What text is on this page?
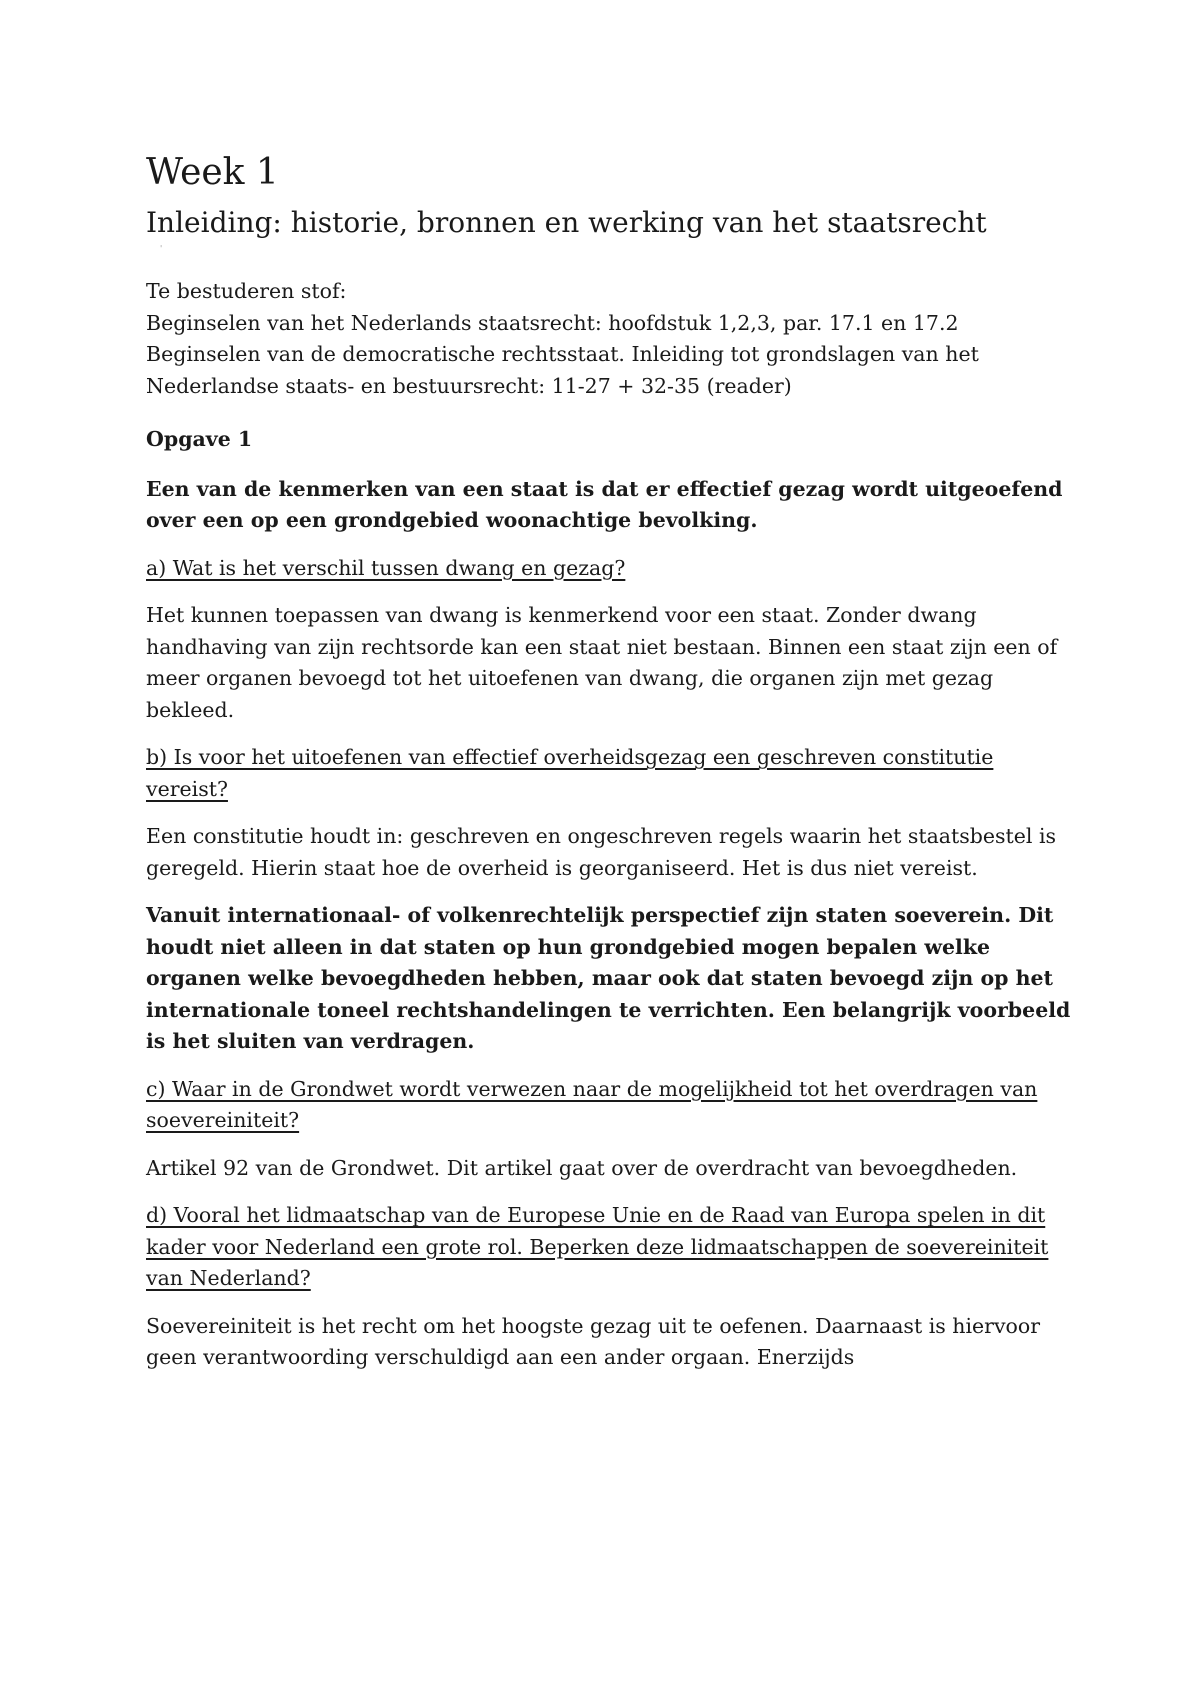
Week 1
Inleiding: historie, bronnen en werking van het staatsrecht
'

Te bestuderen stof:

Beginselen van het Nederlands staatsrecht: hoofdstuk 1,2,3, par. 17.1 en 17.2

Beginselen van de democratische rechtsstaat. Inleiding tot grondslagen van het

Nederlandse staats- en bestuursrecht: 11-27 + 32-35 (reader)

Opgave 1

Een van de kenmerken van een staat is dat er effectief gezag wordt uitgeoefend over een op een grondgebied woonachtige bevolking.

a) Wat is het verschil tussen dwang en gezag?

Het kunnen toepassen van dwang is kenmerkend voor een staat. Zonder dwang handhaving van zijn rechtsorde kan een staat niet bestaan. Binnen een staat zijn een of meer organen bevoegd tot het uitoefenen van dwang, die organen zijn met gezag bekleed.

b) Is voor het uitoefenen van effectief overheidsgezag een geschreven constitutie vereist?

Een constitutie houdt in: geschreven en ongeschreven regels waarin het staatsbestel is geregeld. Hierin staat hoe de overheid is georganiseerd. Het is dus niet vereist.

Vanuit internationaal- of volkenrechtelijk perspectief zijn staten soeverein. Dit houdt niet alleen in dat staten op hun grondgebied mogen bepalen welke organen welke bevoegdheden hebben, maar ook dat staten bevoegd zijn op het internationale toneel rechtshandelingen te verrichten. Een belangrijk voorbeeld is het sluiten van verdragen.

c) Waar in de Grondwet wordt verwezen naar de mogelijkheid tot het overdragen van soevereiniteit?

Artikel 92 van de Grondwet. Dit artikel gaat over de overdracht van bevoegdheden.

d) Vooral het lidmaatschap van de Europese Unie en de Raad van Europa spelen in dit kader voor Nederland een grote rol. Beperken deze lidmaatschappen de soevereiniteit van Nederland?

Soevereiniteit is het recht om het hoogste gezag uit te oefenen. Daarnaast is hiervoor geen verantwoording verschuldigd aan een ander orgaan. Enerzijds
